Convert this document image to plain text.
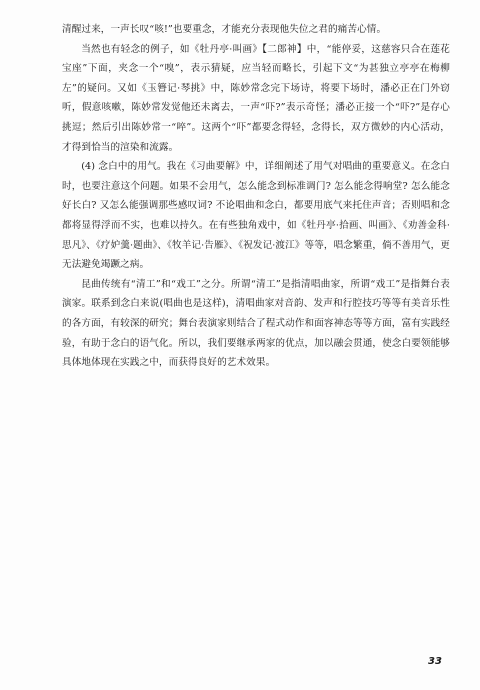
清醒过来，一声长叹“咳!”也要重念，才能充分表现他失位之君的痛苦心情。

当然也有轻念的例子，如《牡丹亭·叫画》【二郎神】中，“能停妥，这慈容只合在莲花宝座”下面，夹念一个“嗅”，表示猜疑，应当轻而略长，引起下文“为甚独立亭亭在梅柳左”的疑问。又如《玉簪记·琴挑》中，陈妙常念完下场诗，将要下场时，潘必正在门外窃听，假意咳嗽，陈妙常发觉他还未离去，一声“吓?”表示奇怪；潘必正接一个“吓?”是存心挑逗；然后引出陈妙常一“啐”。这两个“吓”都要念得轻，念得长，双方微妙的内心活动，才得到恰当的渲染和流露。

(4) 念白中的用气。我在《习曲要解》中，详细阐述了用气对唱曲的重要意义。在念白时，也要注意这个问题。如果不会用气，怎么能念到标准调门? 怎么能念得响堂? 怎么能念好长白? 又怎么能强调那些感叹词? 不论唱曲和念白，都要用底气来托住声音；否则唱和念都将显得浮而不实，也难以持久。在有些独角戏中，如《牡丹亭·拾画、叫画》、《劝善金科·思凡》、《疗妒羹·题曲》、《牧羊记·告雁》、《祝发记·渡江》等等，唱念繁重，倘不善用气，更无法避免竭蹶之病。

昆曲传统有“清工”和“戏工”之分。所谓“清工”是指清唱曲家，所谓“戏工”是指舞台表演家。联系到念白来说(唱曲也是这样)，清唱曲家对音韵、发声和行腔技巧等等有美音乐性的各方面，有较深的研究；舞台表演家则结合了程式动作和面容神态等等方面，富有实践经验，有助于念白的语气化。所以，我们要继承两家的优点，加以融会贯通，使念白要领能够具体地体现在实践之中，而获得良好的艺术效果。

33
